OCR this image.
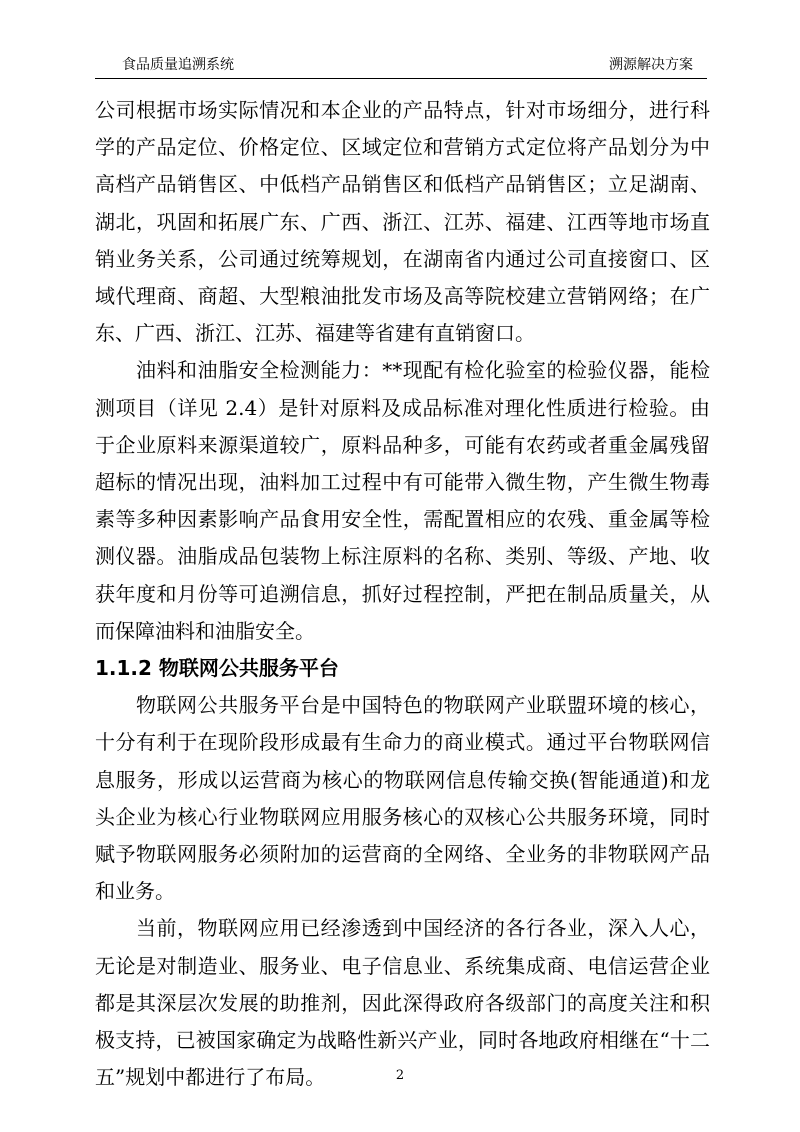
食品质量追溯系统	溯源解决方案

公司根据市场实际情况和本企业的产品特点，针对市场细分，进行科学的产品定位、价格定位、区域定位和营销方式定位将产品划分为中高档产品销售区、中低档产品销售区和低档产品销售区；立足湖南、湖北，巩固和拓展广东、广西、浙江、江苏、福建、江西等地市场直销业务关系，公司通过统筹规划，在湖南省内通过公司直接窗口、区域代理商、商超、大型粮油批发市场及高等院校建立营销网络；在广东、广西、浙江、江苏、福建等省建有直销窗口。

油料和油脂安全检测能力：**现配有检化验室的检验仪器，能检测项目（详见 2.4）是针对原料及成品标准对理化性质进行检验。由于企业原料来源渠道较广，原料品种多，可能有农药或者重金属残留超标的情况出现，油料加工过程中有可能带入微生物，产生微生物毒素等多种因素影响产品食用安全性，需配置相应的农残、重金属等检测仪器。油脂成品包装物上标注原料的名称、类别、等级、产地、收获年度和月份等可追溯信息，抓好过程控制，严把在制品质量关，从而保障油料和油脂安全。

1.1.2 物联网公共服务平台

物联网公共服务平台是中国特色的物联网产业联盟环境的核心，十分有利于在现阶段形成最有生命力的商业模式。通过平台物联网信息服务，形成以运营商为核心的物联网信息传输交换(智能通道)和龙头企业为核心行业物联网应用服务核心的双核心公共服务环境，同时赋予物联网服务必须附加的运营商的全网络、全业务的非物联网产品和业务。

当前，物联网应用已经渗透到中国经济的各行各业，深入人心，无论是对制造业、服务业、电子信息业、系统集成商、电信运营企业都是其深层次发展的助推剂，因此深得政府各级部门的高度关注和积极支持，已被国家确定为战略性新兴产业，同时各地政府相继在“十二五”规划中都进行了布局。	2
